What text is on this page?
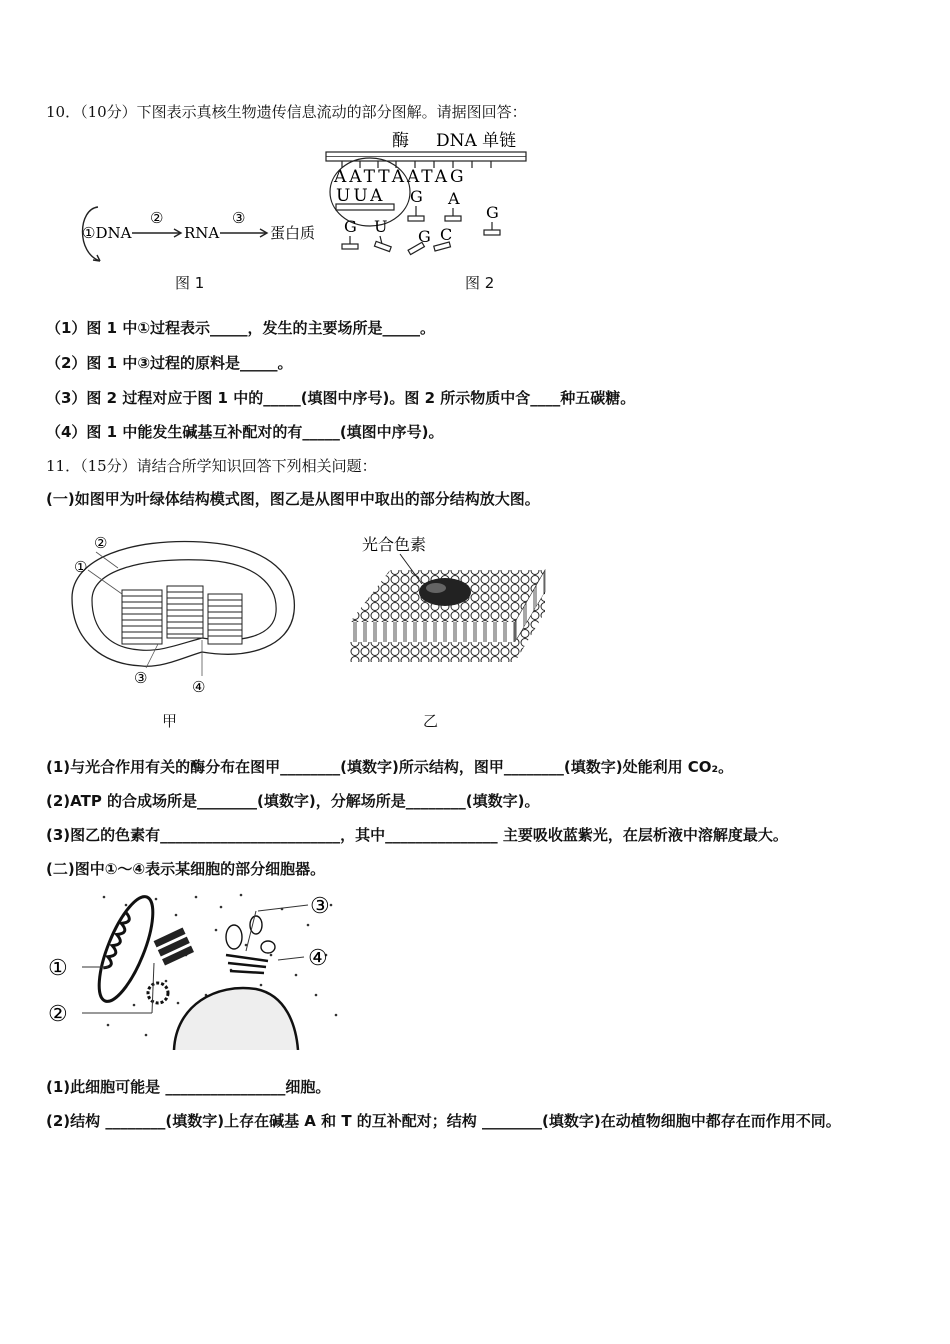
10．（10分）下图表示真核生物遗传信息流动的部分图解。请据图回答：
①DNA
②
RNA
③
蛋白质
图 1
酶 DNA 单链
AATTAATAG
UUA G A
G
G U
G C
图 2
（1）图 1 中①过程表示_____，发生的主要场所是_____。
（2）图 1 中③过程的原料是_____。
（3）图 2 过程对应于图 1 中的_____(填图中序号)。图 2 所示物质中含____种五碳糖。
（4）图 1 中能发生碱基互补配对的有_____(填图中序号)。
11．（15分）请结合所学知识回答下列相关问题：
(一)如图甲为叶绿体结构模式图，图乙是从图甲中取出的部分结构放大图。
②
①
③	④
甲
光合色素
乙
(1)与光合作用有关的酶分布在图甲________(填数字)所示结构，图甲________(填数字)处能利用 CO₂。
(2)ATP 的合成场所是________(填数字)，分解场所是________(填数字)。
(3)图乙的色素有________________________，其中_______________ 主要吸收蓝紫光，在层析液中溶解度最大。
(二)图中①～④表示某细胞的部分细胞器。
①
②
③
④
(1)此细胞可能是 ________________细胞。
(2)结构 ________(填数字)上存在碱基 A 和 T 的互补配对；结构 ________(填数字)在动植物细胞中都存在而作用不同。
